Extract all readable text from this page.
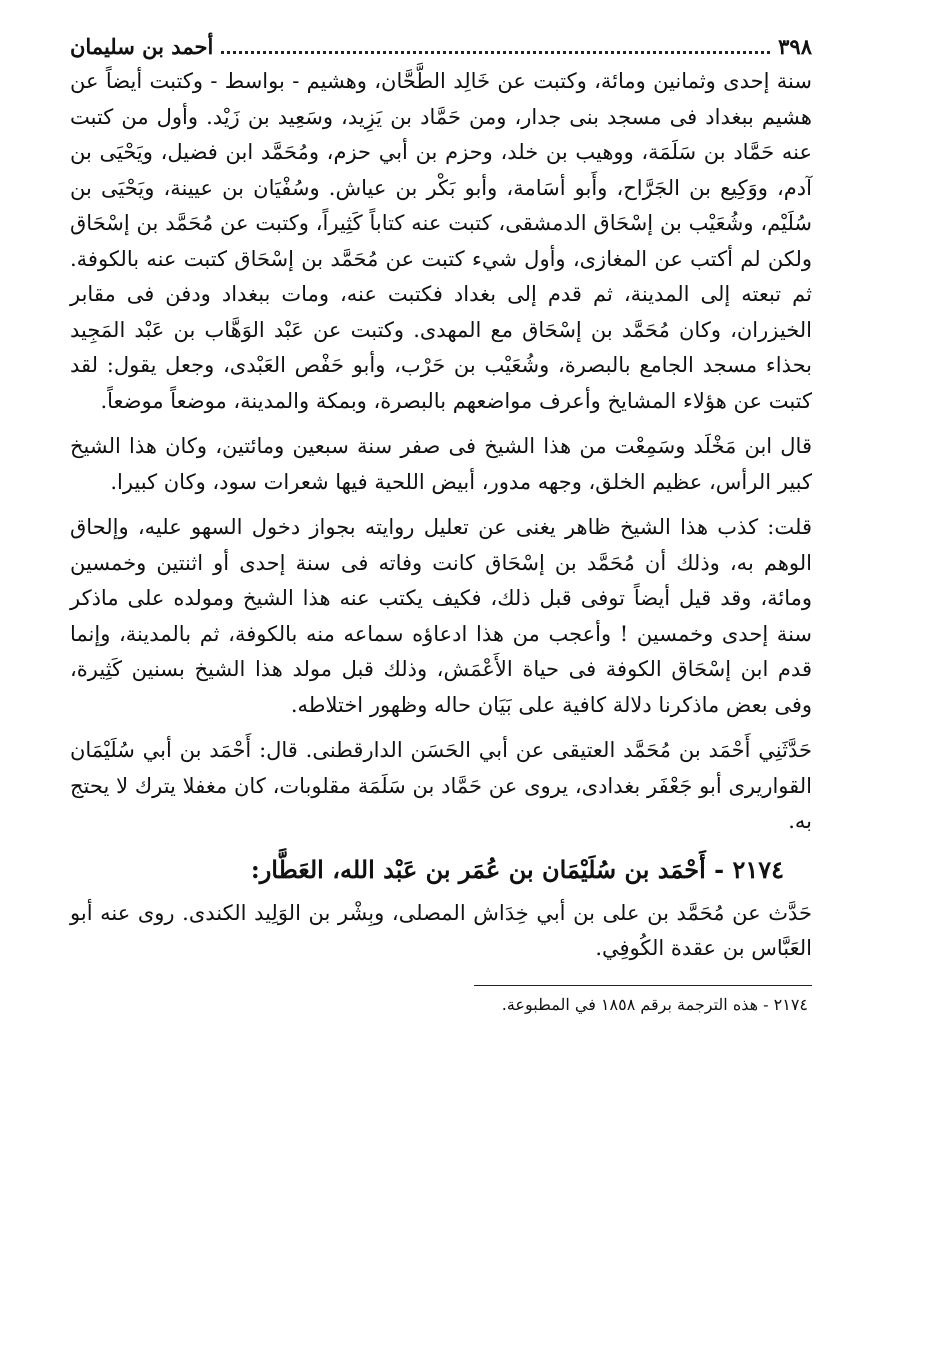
٣٩٨
أحمد بن سليمان

سنة إحدى وثمانين ومائة، وكتبت عن خَالِد الطَّحَّان، وهشيم - بواسط - وكتبت أيضاً عن هشيم ببغداد فى مسجد بنى جدار، ومن حَمَّاد بن يَزِيد، وسَعِيد بن زَيْد. وأول من كتبت عنه حَمَّاد بن سَلَمَة، ووهيب بن خلد، وحزم بن أبي حزم، ومُحَمَّد ابن فضيل، ويَحْيَى بن آدم، ووَكِيع بن الجَرَّاح، وأَبو أسَامة، وأبو بَكْر بن عياش. وسُفْيَان بن عيينة، ويَحْيَى بن سُلَيْم، وشُعَيْب بن إسْحَاق الدمشقى، كتبت عنه كتاباً كَثِيراً، وكتبت عن مُحَمَّد بن إسْحَاق ولكن لم أكتب عن المغازى، وأول شيء كتبت عن مُحَمَّد بن إسْحَاق كتبت عنه بالكوفة. ثم تبعته إلى المدينة، ثم قدم إلى بغداد فكتبت عنه، ومات ببغداد ودفن فى مقابر الخيزران، وكان مُحَمَّد بن إسْحَاق مع المهدى. وكتبت عن عَبْد الوَهَّاب بن عَبْد المَجِيد بحذاء مسجد الجامع بالبصرة، وشُعَيْب بن حَرْب، وأبو حَفْص العَبْدى، وجعل يقول: لقد كتبت عن هؤلاء المشايخ وأعرف مواضعهم بالبصرة، وبمكة والمدينة، موضعاً موضعاً.

قال ابن مَخْلَد وسَمِعْت من هذا الشيخ فى صفر سنة سبعين ومائتين، وكان هذا الشيخ كبير الرأس، عظيم الخلق، وجهه مدور، أبيض اللحية فيها شعرات سود، وكان كبيرا.

قلت: كذب هذا الشيخ ظاهر يغنى عن تعليل روايته بجواز دخول السهو عليه، وإلحاق الوهم به، وذلك أن مُحَمَّد بن إسْحَاق كانت وفاته فى سنة إحدى أو اثنتين وخمسين ومائة، وقد قيل أيضاً توفى قبل ذلك، فكيف يكتب عنه هذا الشيخ ومولده على ماذكر سنة إحدى وخمسين ! وأعجب من هذا ادعاؤه سماعه منه بالكوفة، ثم بالمدينة، وإنما قدم ابن إسْحَاق الكوفة فى حياة الأَعْمَش، وذلك قبل مولد هذا الشيخ بسنين كَثِيرة، وفى بعض ماذكرنا دلالة كافية على بَيَان حاله وظهور اختلاطه.

حَدَّثَنِي أَحْمَد بن مُحَمَّد العتيقى عن أبي الحَسَن الدارقطنى. قال: أَحْمَد بن أبي سُلَيْمَان القواريرى أبو جَعْفَر بغدادى، يروى عن حَمَّاد بن سَلَمَة مقلوبات، كان مغفلا يترك لا يحتج به.

٢١٧٤ - أَحْمَد بن سُلَيْمَان بن عُمَر بن عَبْد الله، العَطَّار:

حَدَّث عن مُحَمَّد بن على بن أبي خِدَاش المصلى، وبِشْر بن الوَلِيد الكندى. روى عنه أبو العَبَّاس بن عقدة الكُوفِي.

٢١٧٤ - هذه الترجمة برقم ١٨٥٨ في المطبوعة.
